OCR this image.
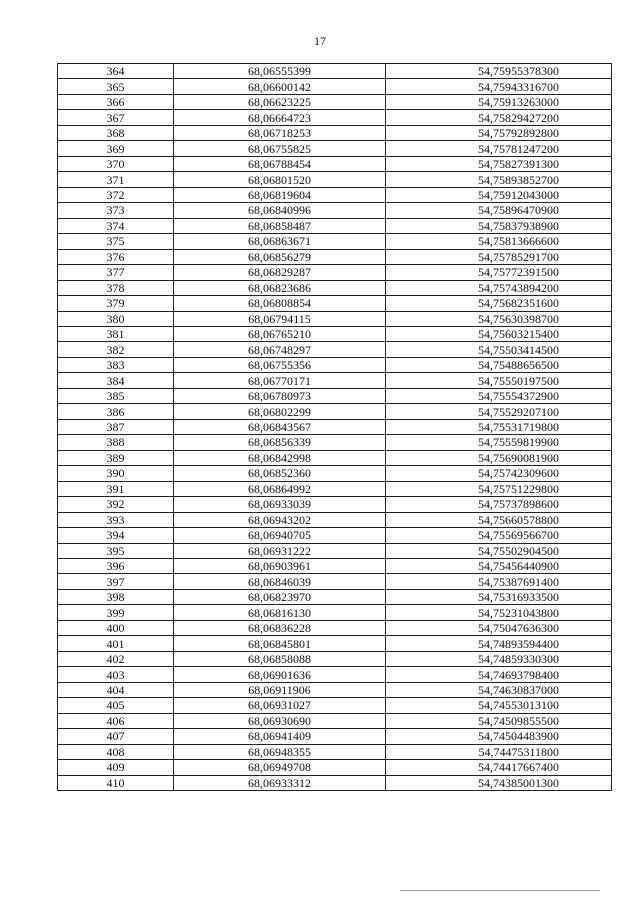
17
364	68,06555399	54,75955378300
365	68,06600142	54,75943316700
366	68,06623225	54,75913263000
367	68,06664723	54,75829427200
368	68,06718253	54,75792892800
369	68,06755825	54,75781247200
370	68,06788454	54,75827391300
371	68,06801520	54,75893852700
372	68,06819604	54,75912043000
373	68,06840996	54,75896470900
374	68,06858487	54,75837938900
375	68,06863671	54,75813666600
376	68,06856279	54,75785291700
377	68,06829287	54,75772391500
378	68,06823686	54,75743894200
379	68,06808854	54,75682351600
380	68,06794115	54,75630398700
381	68,06765210	54,75603215400
382	68,06748297	54,75503414500
383	68,06755356	54,75488656500
384	68,06770171	54,75550197500
385	68,06780973	54,75554372900
386	68,06802299	54,75529207100
387	68,06843567	54,75531719800
388	68,06856339	54,75559819900
389	68,06842998	54,75690081900
390	68,06852360	54,75742309600
391	68,06864992	54,75751229800
392	68,06933039	54,75737898600
393	68,06943202	54,75660578800
394	68,06940705	54,75569566700
395	68,06931222	54,75502904500
396	68,06903961	54,75456440900
397	68,06846039	54,75387691400
398	68,06823970	54,75316933500
399	68,06816130	54,75231043800
400	68,06836228	54,75047636300
401	68,06845801	54,74893594400
402	68,06858088	54,74859330300
403	68,06901636	54,74693798400
404	68,06911906	54,74630837000
405	68,06931027	54,74553013100
406	68,06930690	54,74509855500
407	68,06941409	54,74504483900
408	68,06948355	54,74475311800
409	68,06949708	54,74417667400
410	68,06933312	54,74385001300
